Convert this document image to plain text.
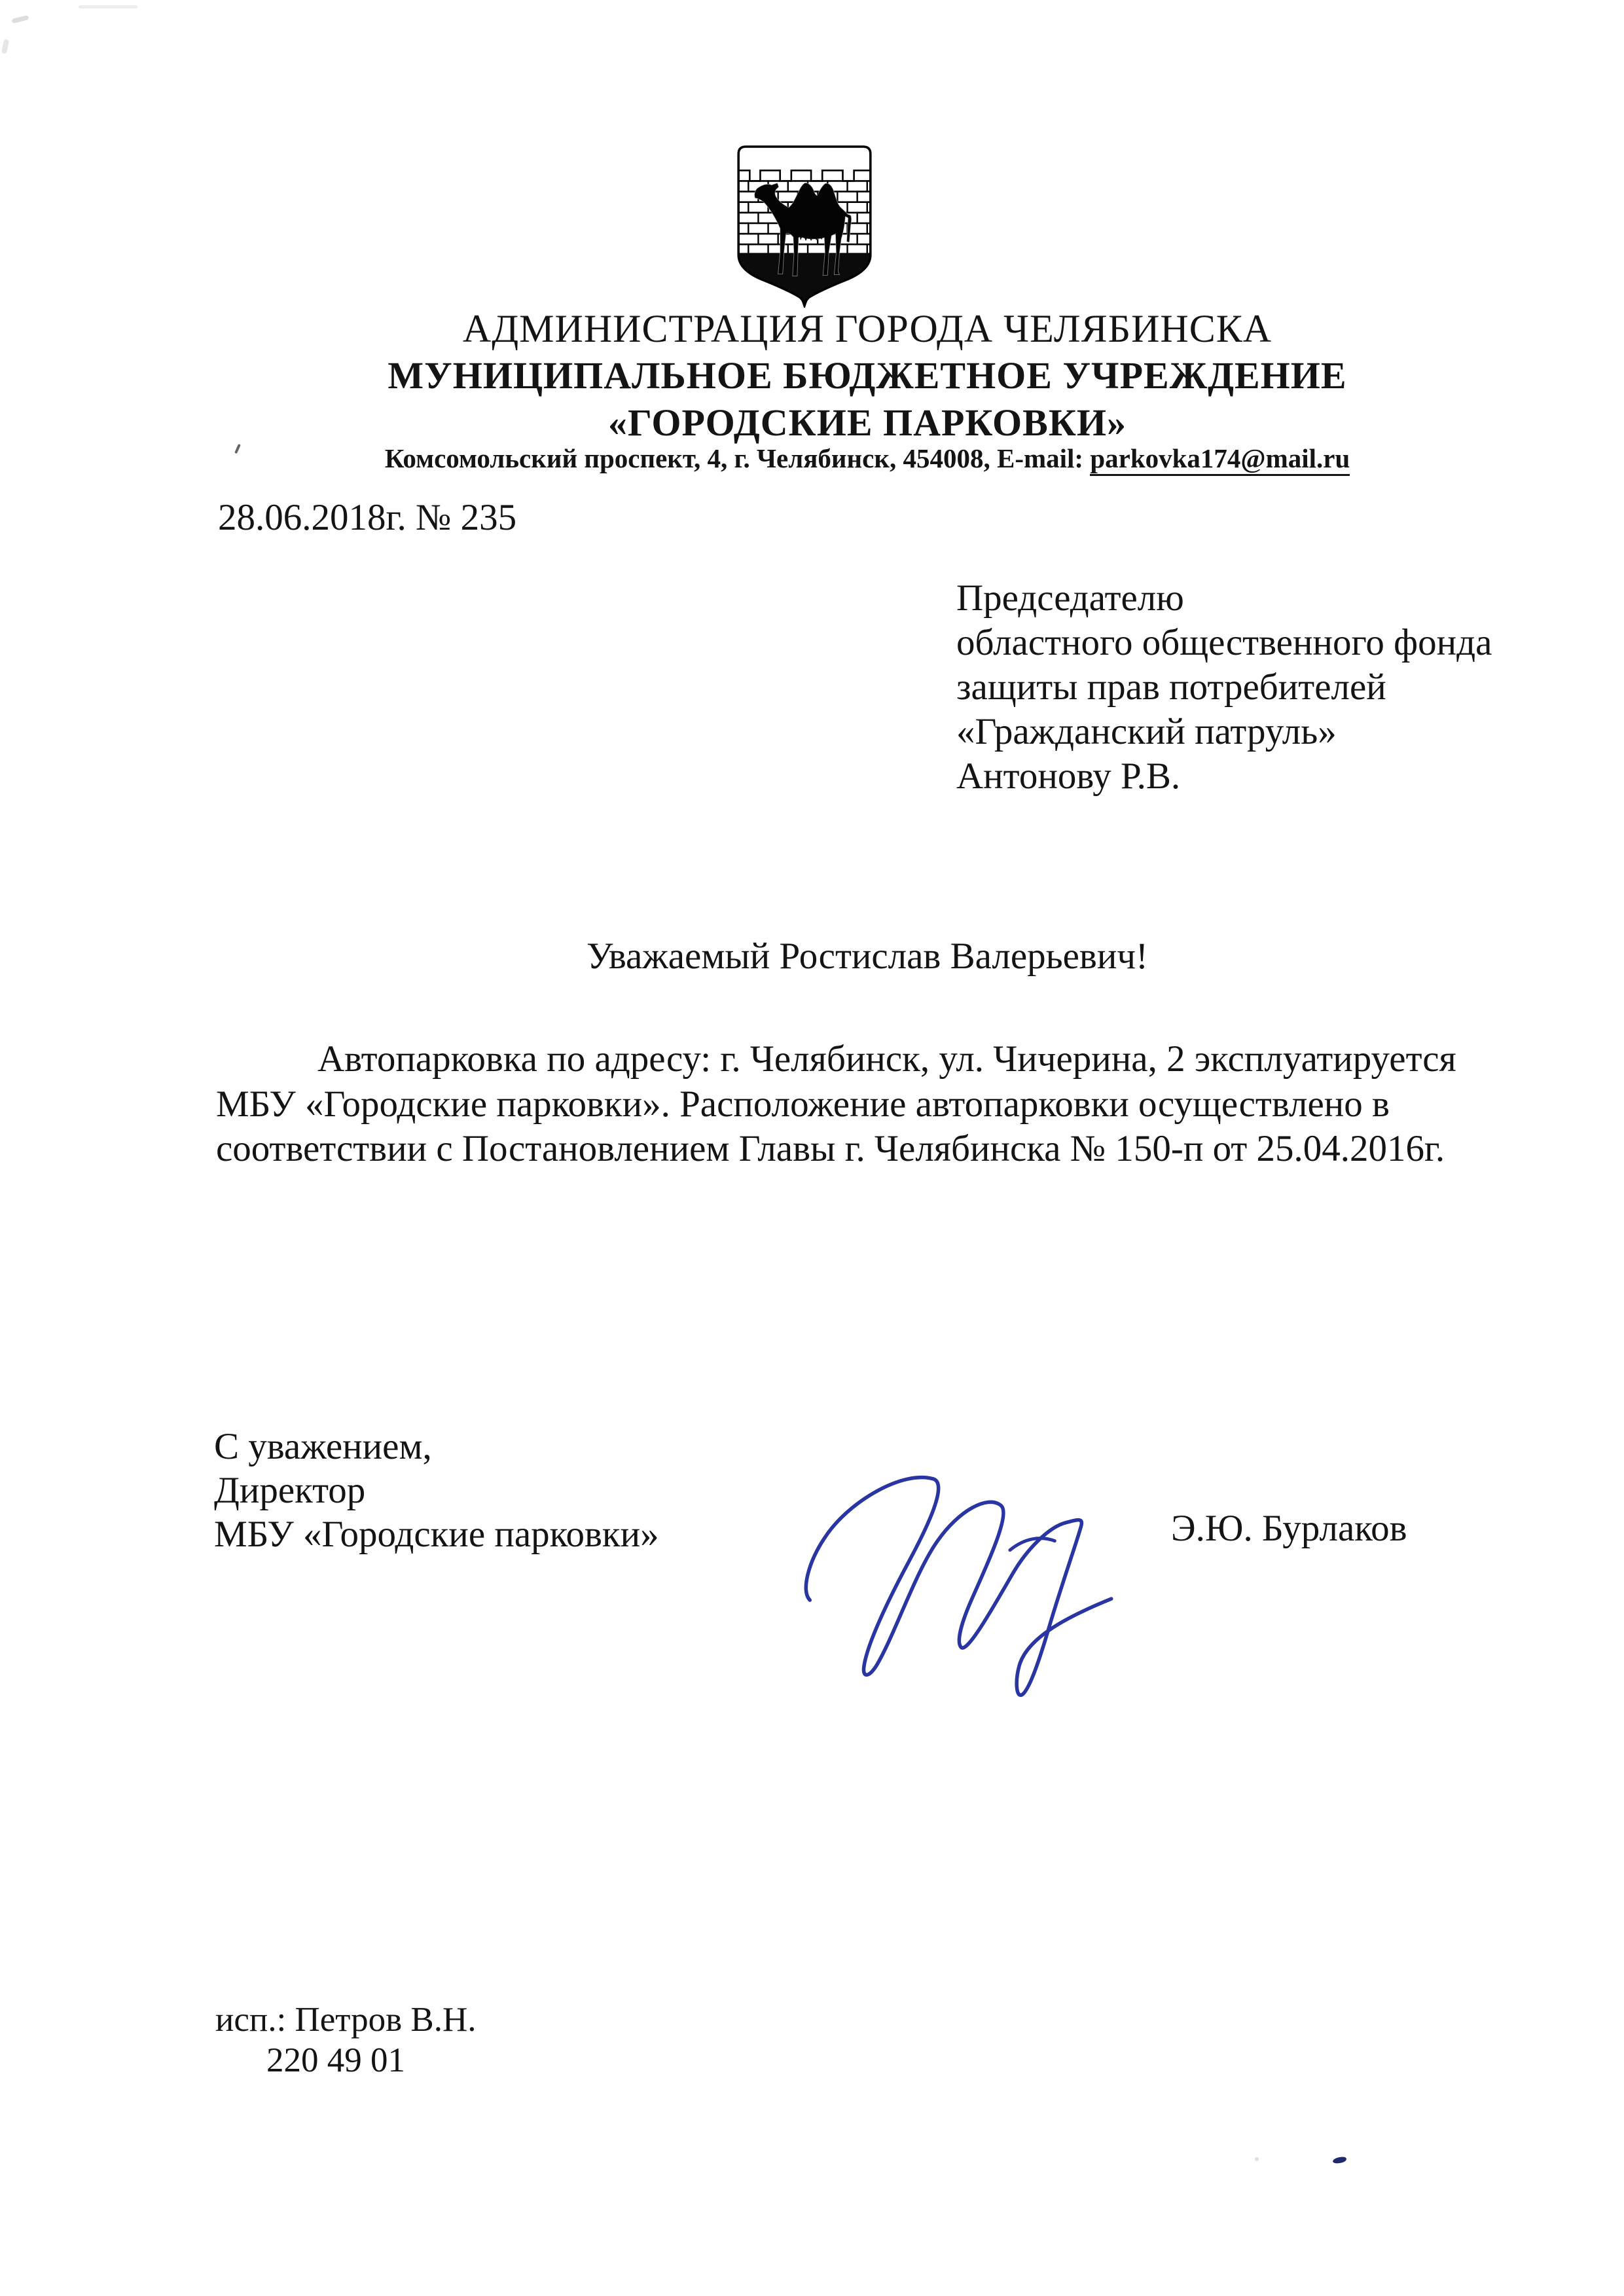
АДМИНИСТРАЦИЯ ГОРОДА ЧЕЛЯБИНСКА
МУНИЦИПАЛЬНОЕ БЮДЖЕТНОЕ УЧРЕЖДЕНИЕ
«ГОРОДСКИЕ ПАРКОВКИ»
Комсомольский проспект, 4, г. Челябинск, 454008, E-mail: parkovka174@mail.ru
28.06.2018г. № 235
Председателю
областного общественного фонда
защиты прав потребителей
«Гражданский патруль»
Антонову Р.В.
Уважаемый Ростислав Валерьевич!
Автопарковка по адресу: г. Челябинск, ул. Чичерина, 2 эксплуатируется
МБУ «Городские парковки». Расположение автопарковки осуществлено в
соответствии с Постановлением Главы г. Челябинска № 150-п от 25.04.2016г.
С уважением,
Директор
МБУ «Городские парковки»	Э.Ю. Бурлаков
исп.: Петров В.Н.
220 49 01
